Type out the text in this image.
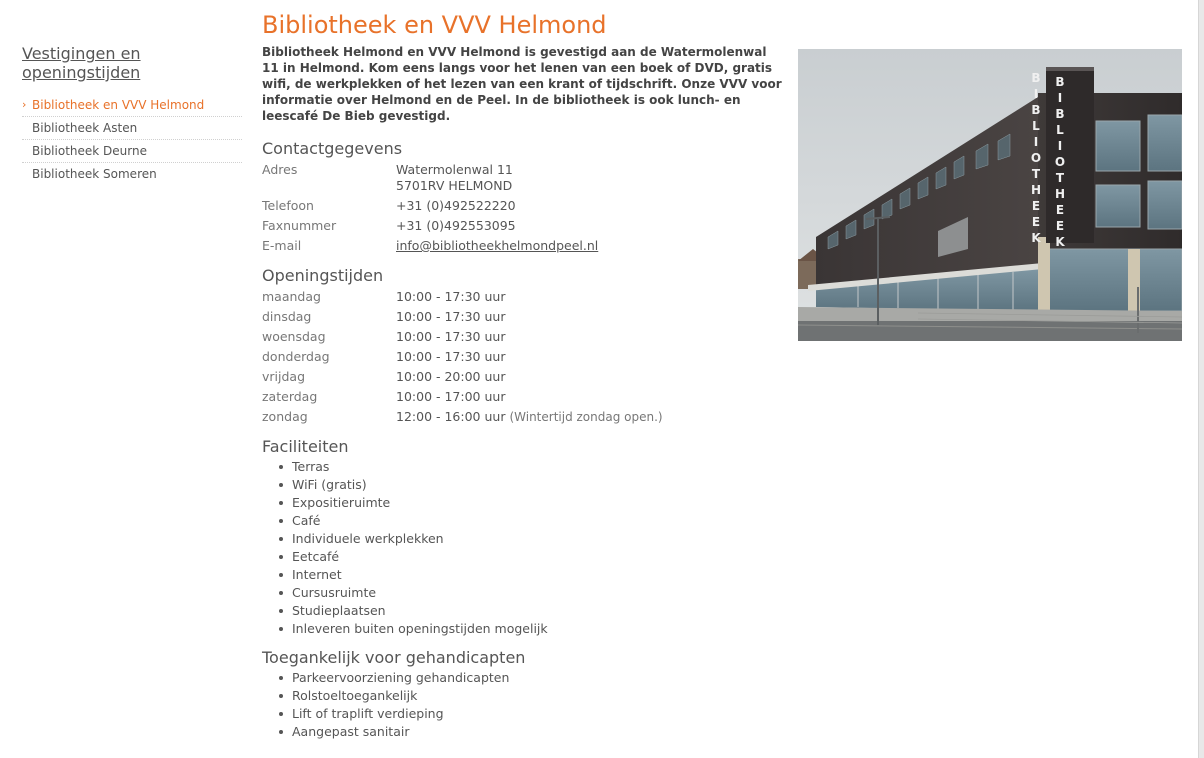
Vestigingen en openingstijden
› Bibliotheek en VVV Helmond
Bibliotheek Asten
Bibliotheek Deurne
Bibliotheek Someren
Bibliotheek en VVV Helmond

Bibliotheek Helmond en VVV Helmond is gevestigd aan de Watermolenwal 11 in Helmond. Kom eens langs voor het lenen van een boek of DVD, gratis wifi, de werkplekken of het lezen van een krant of tijdschrift. Onze VVV voor informatie over Helmond en de Peel. In de bibliotheek is ook lunch- en leescafé De Bieb gevestigd.

Contactgegevens
Adres	Watermolenwal 11
5701RV HELMOND
Telefoon	+31 (0)492522220
Faxnummer	+31 (0)492553095
E-mail	info@bibliotheekhelmondpeel.nl
Openingstijden
maandag	10:00 - 17:30 uur
dinsdag	10:00 - 17:30 uur
woensdag	10:00 - 17:30 uur
donderdag	10:00 - 17:30 uur
vrijdag	10:00 - 20:00 uur
zaterdag	10:00 - 17:00 uur
zondag	12:00 - 16:00 uur (Wintertijd zondag open.)
Faciliteiten
Terras
WiFi (gratis)
Expositieruimte
Café
Individuele werkplekken
Eetcafé
Internet
Cursusruimte
Studieplaatsen
Inleveren buiten openingstijden mogelijk
Toegankelijk voor gehandicapten
Parkeervoorziening gehandicapten
Rolstoeltoegankelijk
Lift of traplift verdieping
Aangepast sanitair
BIBLIOTHEEK BIBLIOTHEEK
